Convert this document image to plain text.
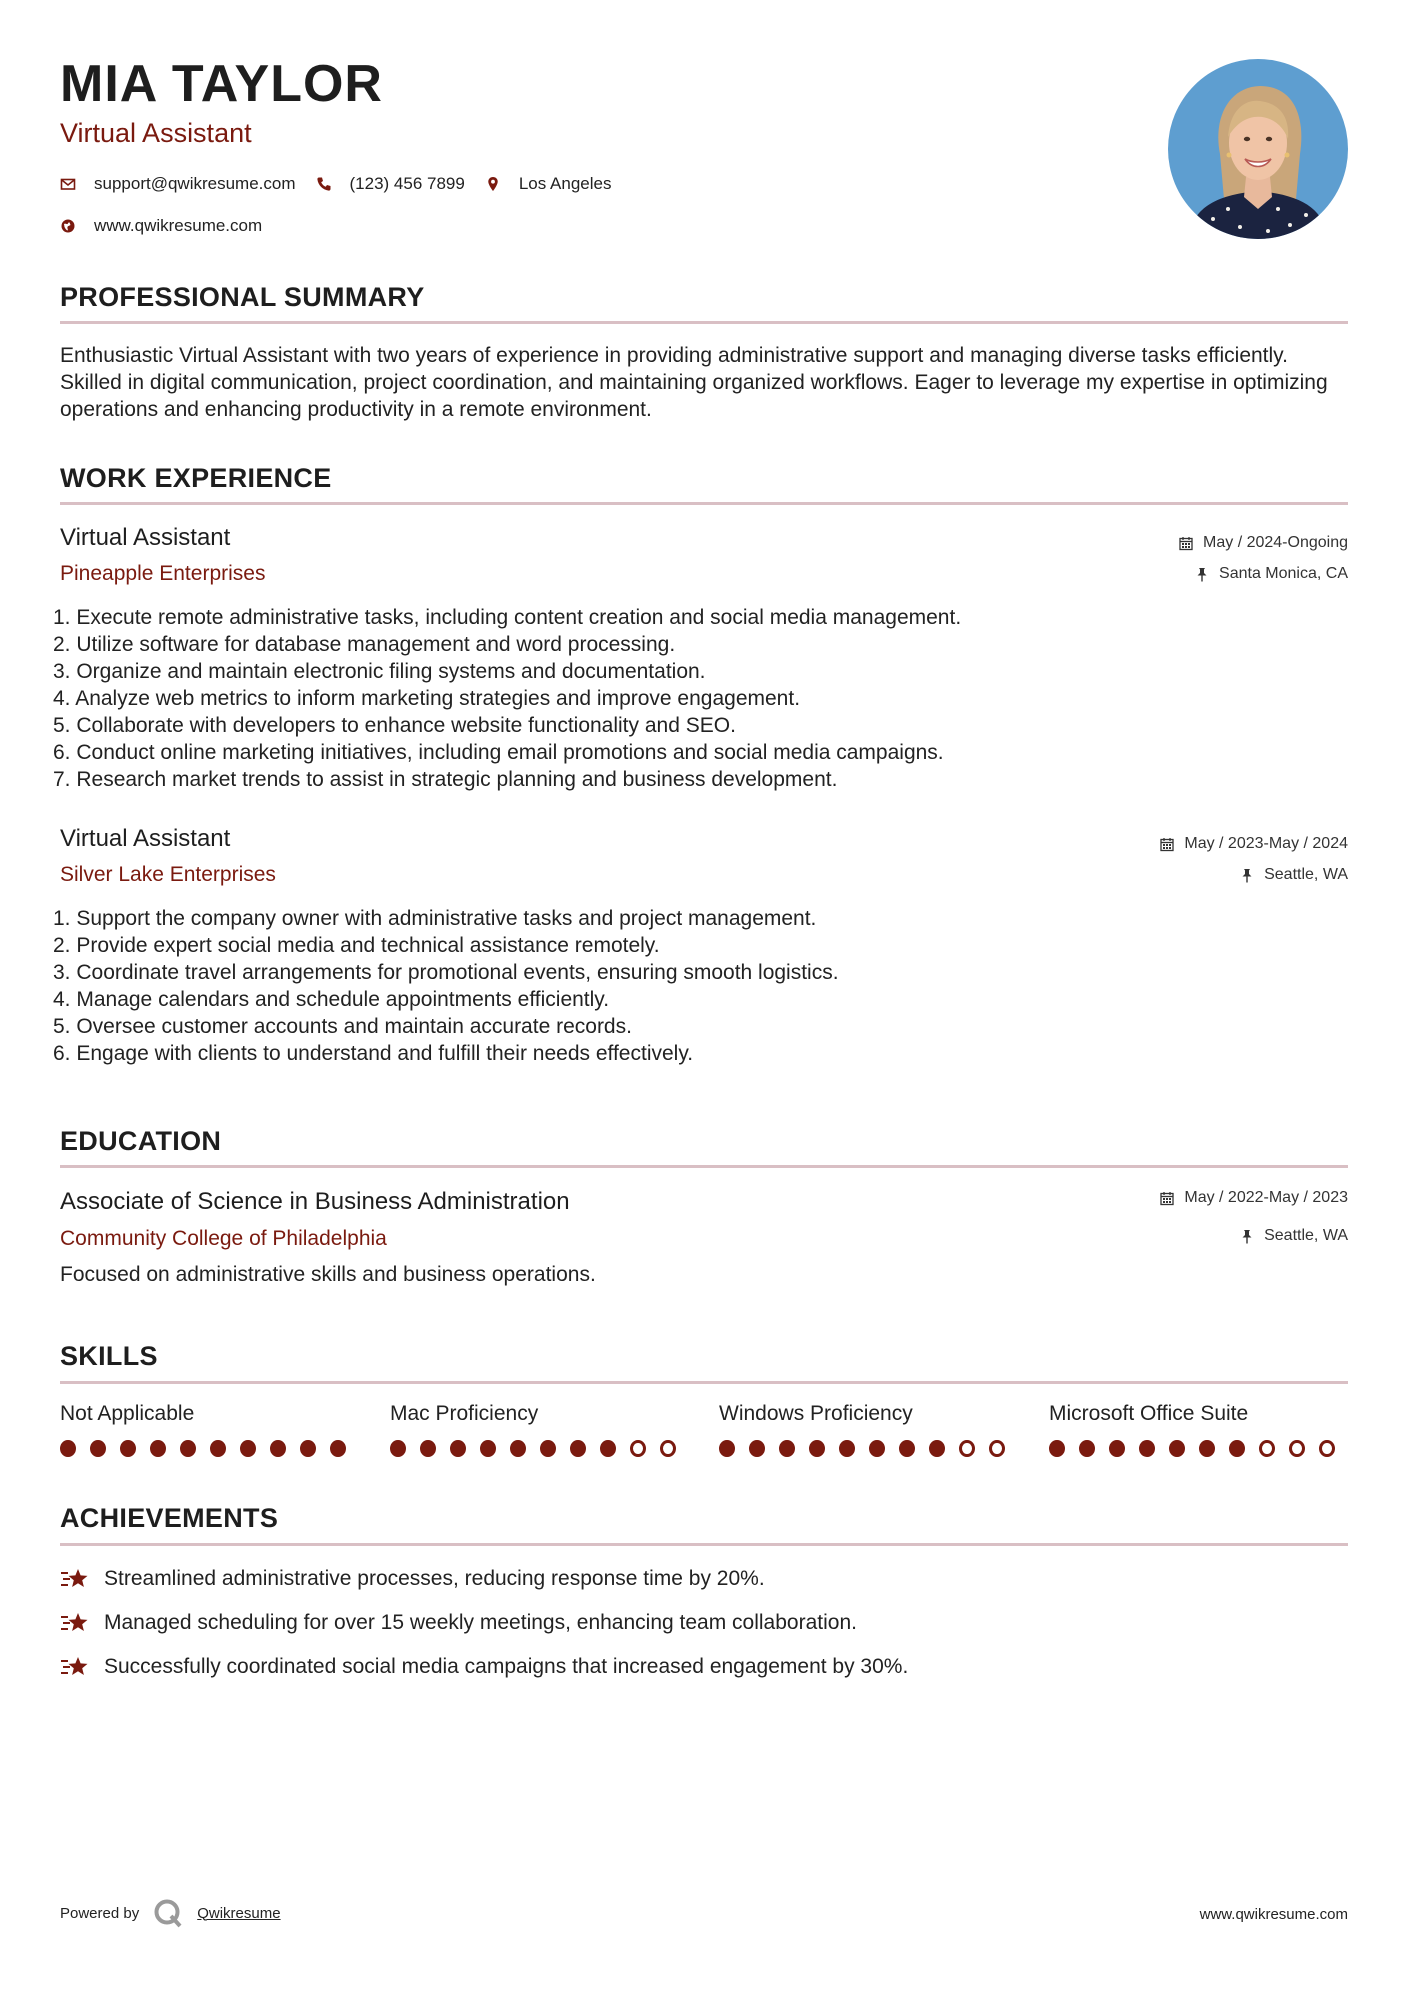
MIA TAYLOR
Virtual Assistant
support@qwikresume.com	(123) 456 7899	Los Angeles
www.qwikresume.com
PROFESSIONAL SUMMARY

Enthusiastic Virtual Assistant with two years of experience in providing administrative support and managing diverse tasks efficiently. Skilled in digital communication, project coordination, and maintaining organized workflows. Eager to leverage my expertise in optimizing operations and enhancing productivity in a remote environment.

WORK EXPERIENCE
Virtual Assistant
Pineapple Enterprises
May / 2024-Ongoing
Santa Monica, CA
1. Execute remote administrative tasks, including content creation and social media management.
2. Utilize software for database management and word processing.
3. Organize and maintain electronic filing systems and documentation.
4. Analyze web metrics to inform marketing strategies and improve engagement.
5. Collaborate with developers to enhance website functionality and SEO.
6. Conduct online marketing initiatives, including email promotions and social media campaigns.
7. Research market trends to assist in strategic planning and business development.
Virtual Assistant
Silver Lake Enterprises
May / 2023-May / 2024
Seattle, WA
1. Support the company owner with administrative tasks and project management.
2. Provide expert social media and technical assistance remotely.
3. Coordinate travel arrangements for promotional events, ensuring smooth logistics.
4. Manage calendars and schedule appointments efficiently.
5. Oversee customer accounts and maintain accurate records.
6. Engage with clients to understand and fulfill their needs effectively.
EDUCATION
Associate of Science in Business Administration
Community College of Philadelphia
May / 2022-May / 2023
Seattle, WA
Focused on administrative skills and business operations.
SKILLS
Not Applicable	Mac Proficiency	Windows Proficiency	Microsoft Office Suite
ACHIEVEMENTS
Streamlined administrative processes, reducing response time by 20%.
Managed scheduling for over 15 weekly meetings, enhancing team collaboration.
Successfully coordinated social media campaigns that increased engagement by 30%.
Powered by	Qwikresume	www.qwikresume.com
